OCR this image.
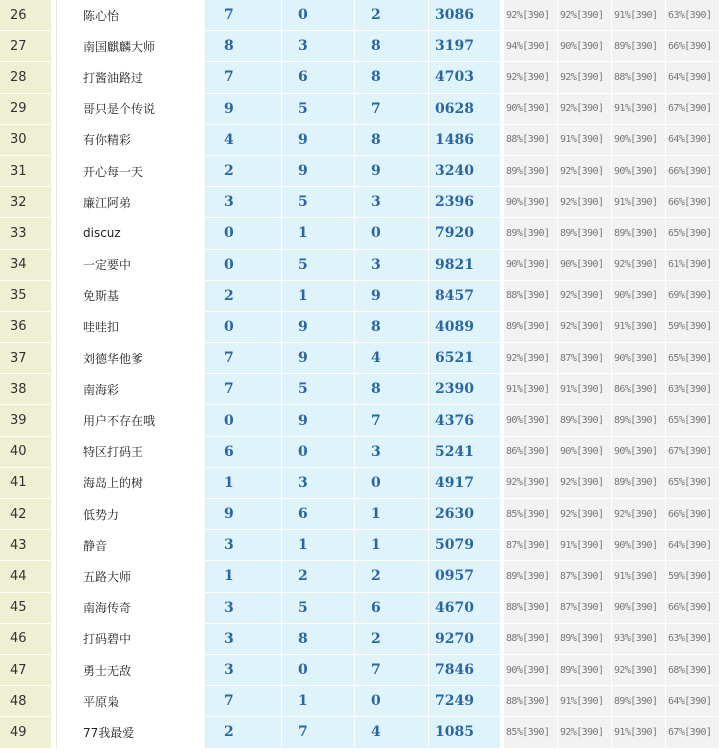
26		陈心怡	7	0	2	3086		92%[390]	92%[390]	91%[390]	63%[390]
27		南国麒麟大师	8	3	8	3197		94%[390]	90%[390]	89%[390]	66%[390]
28		打酱油路过	7	6	8	4703		92%[390]	92%[390]	88%[390]	64%[390]
29		哥只是个传说	9	5	7	0628		90%[390]	92%[390]	91%[390]	67%[390]
30		有你精彩	4	9	8	1486		88%[390]	91%[390]	90%[390]	64%[390]
31		开心每一天	2	9	9	3240		89%[390]	92%[390]	90%[390]	66%[390]
32		廉江阿弟	3	5	3	2396		90%[390]	92%[390]	91%[390]	66%[390]
33		discuz	0	1	0	7920		89%[390]	89%[390]	89%[390]	65%[390]
34		一定要中	0	5	3	9821		90%[390]	90%[390]	92%[390]	61%[390]
35		免斯基	2	1	9	8457		88%[390]	92%[390]	90%[390]	69%[390]
36		哇哇扣	0	9	8	4089		89%[390]	92%[390]	91%[390]	59%[390]
37		刘德华他爹	7	9	4	6521		92%[390]	87%[390]	90%[390]	65%[390]
38		南海彩	7	5	8	2390		91%[390]	91%[390]	86%[390]	63%[390]
39		用户不存在哦	0	9	7	4376		90%[390]	89%[390]	89%[390]	65%[390]
40		特区打码王	6	0	3	5241		86%[390]	90%[390]	90%[390]	67%[390]
41		海岛上的树	1	3	0	4917		92%[390]	92%[390]	89%[390]	65%[390]
42		低势力	9	6	1	2630		85%[390]	92%[390]	92%[390]	66%[390]
43		静音	3	1	1	5079		87%[390]	91%[390]	90%[390]	64%[390]
44		五路大师	1	2	2	0957		89%[390]	87%[390]	91%[390]	59%[390]
45		南海传奇	3	5	6	4670		88%[390]	87%[390]	90%[390]	66%[390]
46		打码碧中	3	8	2	9270		88%[390]	89%[390]	93%[390]	63%[390]
47		勇士无敌	3	0	7	7846		90%[390]	89%[390]	92%[390]	68%[390]
48		平原枭	7	1	0	7249		88%[390]	91%[390]	89%[390]	64%[390]
49		77我最爱	2	7	4	1085		85%[390]	92%[390]	91%[390]	67%[390]
